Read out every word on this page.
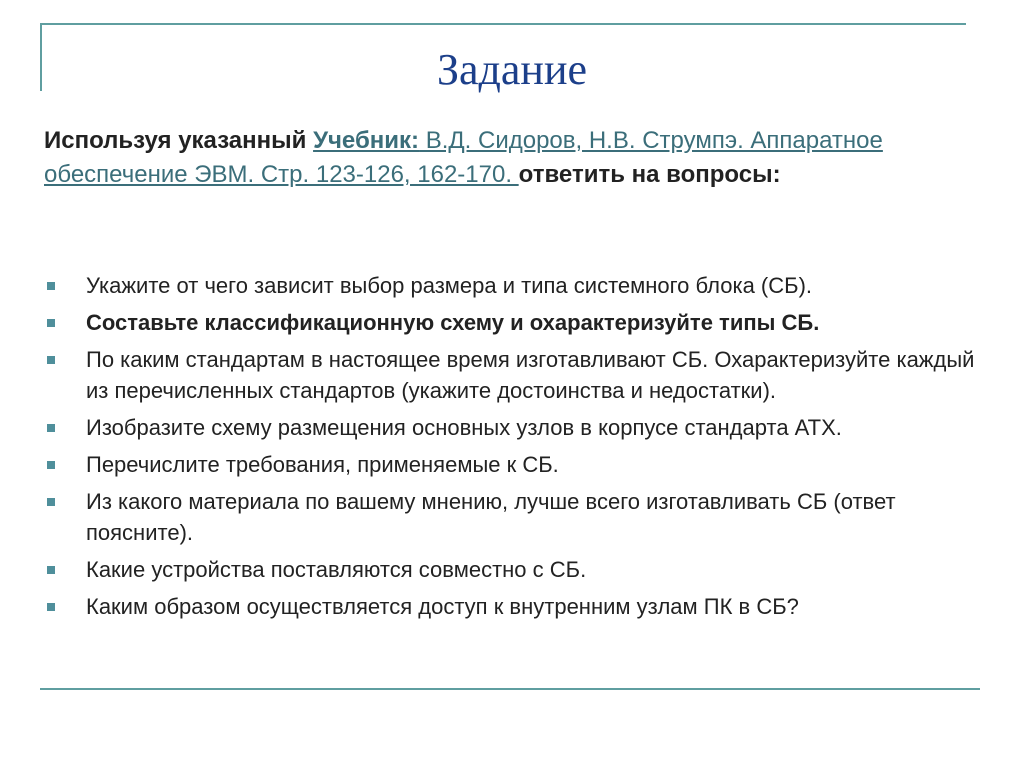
Задание
Используя указанный Учебник: В.Д. Сидоров, Н.В. Струмпэ. Аппаратное обеспечение ЭВМ. Стр. 123-126, 162-170. ответить на вопросы:
Укажите от чего зависит выбор размера и типа системного блока (СБ).
Составьте классификационную схему и охарактеризуйте типы СБ.
По каким стандартам в настоящее время изготавливают СБ. Охарактеризуйте каждый из перечисленных стандартов (укажите достоинства и недостатки).
Изобразите схему размещения основных узлов в корпусе стандарта АТХ.
Перечислите требования, применяемые к СБ.
Из какого материала по вашему мнению, лучше всего изготавливать СБ (ответ поясните).
Какие устройства поставляются совместно с СБ.
Каким образом осуществляется доступ к внутренним узлам ПК в СБ?
